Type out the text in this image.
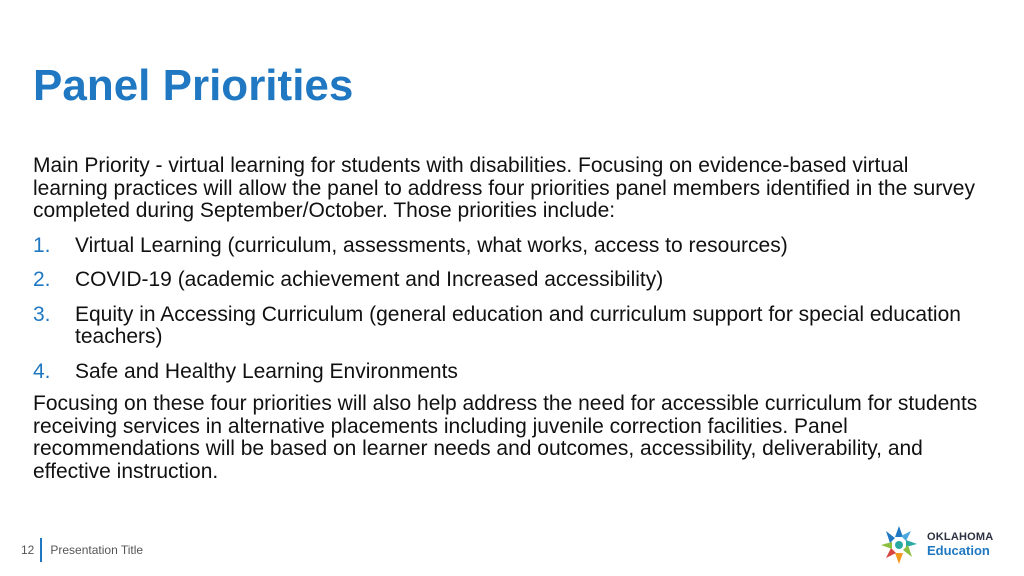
Panel Priorities

Main Priority - virtual learning for students with disabilities. Focusing on evidence-based virtual learning practices will allow the panel to address four priorities panel members identified in the survey completed during September/October. Those priorities include:

1.	Virtual Learning (curriculum, assessments, what works, access to resources)
2.	COVID-19 (academic achievement and Increased accessibility)
3.	Equity in Accessing Curriculum (general education and curriculum support for special education teachers)
4.	Safe and Healthy Learning Environments

Focusing on these four priorities will also help address the need for accessible curriculum for students receiving services in alternative placements including juvenile correction facilities. Panel recommendations will be based on learner needs and outcomes, accessibility, deliverability, and effective instruction.

12 Presentation Title
OKLAHOMA
Education
